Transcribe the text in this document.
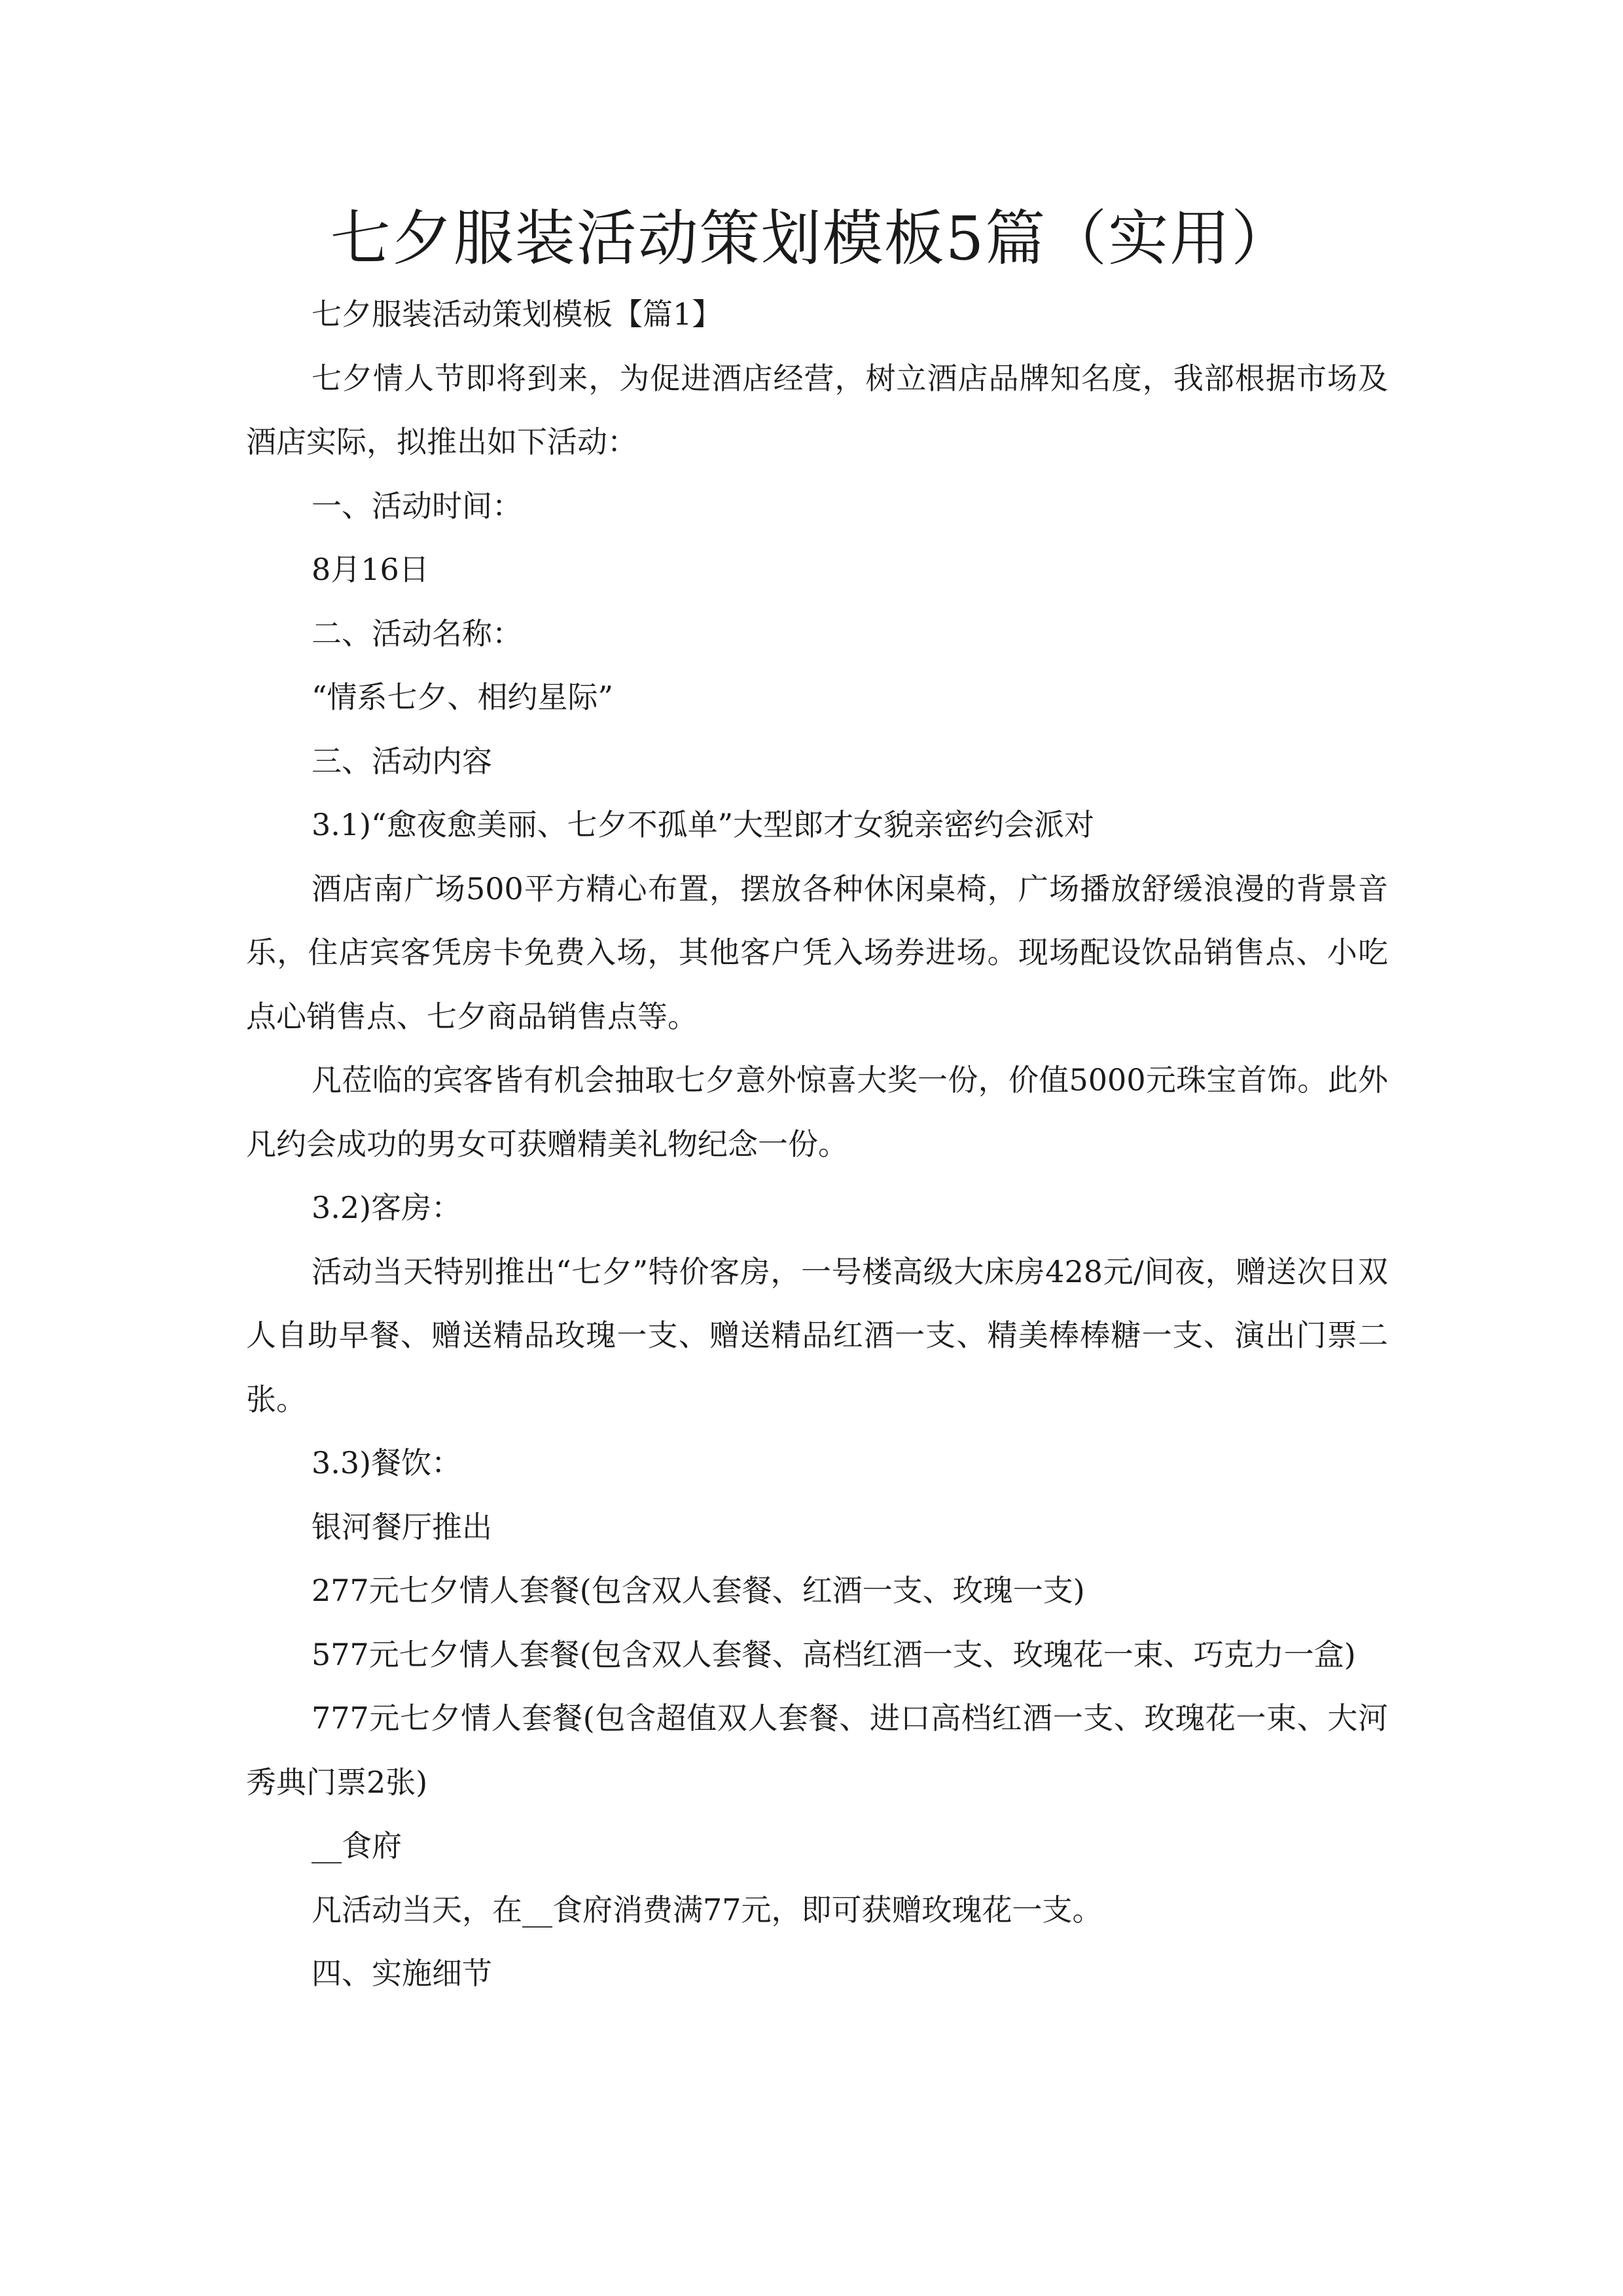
七夕服装活动策划模板5篇（实用）

七夕服装活动策划模板【篇1】

七夕情人节即将到来，为促进酒店经营，树立酒店品牌知名度，我部根据市场及酒店实际，拟推出如下活动：

一、活动时间：

8月16日

二、活动名称：

“情系七夕、相约星际”

三、活动内容

3.1)“愈夜愈美丽、七夕不孤单”大型郎才女貌亲密约会派对

酒店南广场500平方精心布置，摆放各种休闲桌椅，广场播放舒缓浪漫的背景音乐，住店宾客凭房卡免费入场，其他客户凭入场券进场。现场配设饮品销售点、小吃点心销售点、七夕商品销售点等。

凡莅临的宾客皆有机会抽取七夕意外惊喜大奖一份，价值5000元珠宝首饰。此外凡约会成功的男女可获赠精美礼物纪念一份。

3.2)客房：

活动当天特别推出“七夕”特价客房，一号楼高级大床房428元/间夜，赠送次日双人自助早餐、赠送精品玫瑰一支、赠送精品红酒一支、精美棒棒糖一支、演出门票二张。

3.3)餐饮：

银河餐厅推出

277元七夕情人套餐(包含双人套餐、红酒一支、玫瑰一支)

577元七夕情人套餐(包含双人套餐、高档红酒一支、玫瑰花一束、巧克力一盒)

777元七夕情人套餐(包含超值双人套餐、进口高档红酒一支、玫瑰花一束、大河秀典门票2张)

__食府

凡活动当天，在__食府消费满77元，即可获赠玫瑰花一支。

四、实施细节
